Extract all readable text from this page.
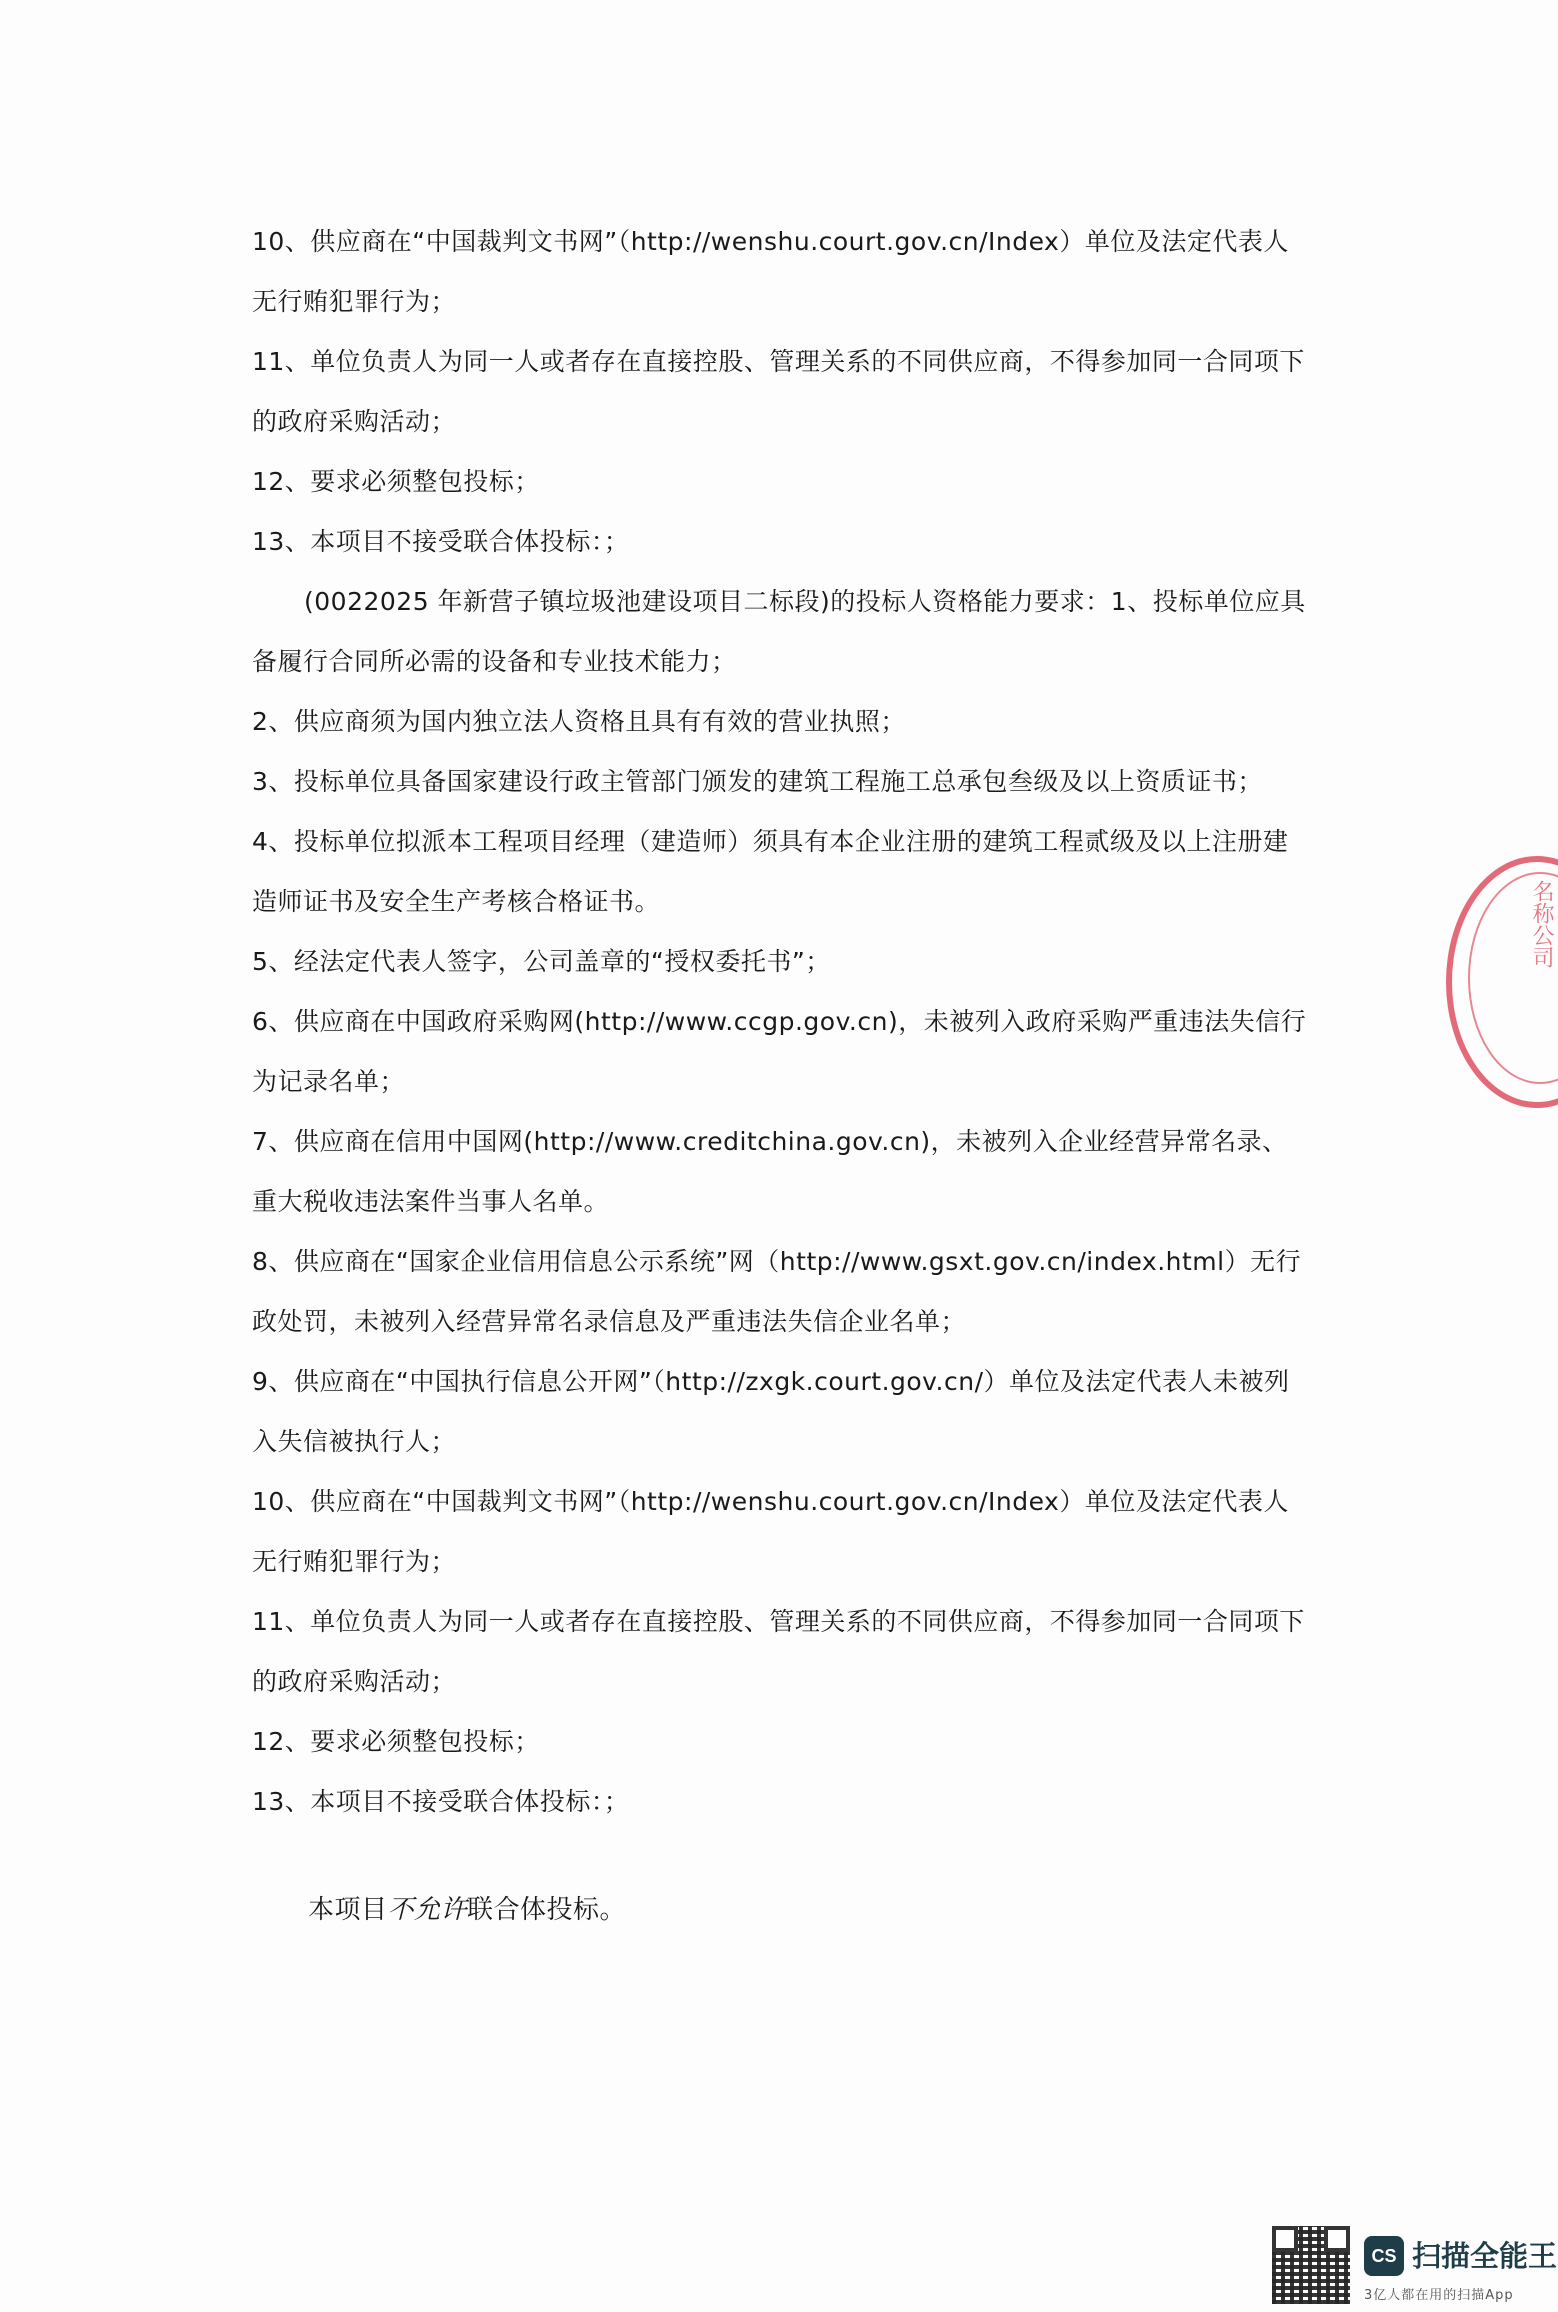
10、供应商在“中国裁判文书网”（http://wenshu.court.gov.cn/Index）单位及法定代表人无行贿犯罪行为；

11、单位负责人为同一人或者存在直接控股、管理关系的不同供应商，不得参加同一合同项下的政府采购活动；

12、要求必须整包投标；

13、本项目不接受联合体投标：；

(0022025 年新营子镇垃圾池建设项目二标段)的投标人资格能力要求：1、投标单位应具备履行合同所必需的设备和专业技术能力；

2、供应商须为国内独立法人资格且具有有效的营业执照；

3、投标单位具备国家建设行政主管部门颁发的建筑工程施工总承包叁级及以上资质证书；

4、投标单位拟派本工程项目经理（建造师）须具有本企业注册的建筑工程贰级及以上注册建造师证书及安全生产考核合格证书。

5、经法定代表人签字，公司盖章的“授权委托书”；

6、供应商在中国政府采购网(http://www.ccgp.gov.cn)，未被列入政府采购严重违法失信行为记录名单；

7、供应商在信用中国网(http://www.creditchina.gov.cn)，未被列入企业经营异常名录、重大税收违法案件当事人名单。

8、供应商在“国家企业信用信息公示系统”网（http://www.gsxt.gov.cn/index.html）无行政处罚，未被列入经营异常名录信息及严重违法失信企业名单；

9、供应商在“中国执行信息公开网”（http://zxgk.court.gov.cn/）单位及法定代表人未被列入失信被执行人；

10、供应商在“中国裁判文书网”（http://wenshu.court.gov.cn/Index）单位及法定代表人无行贿犯罪行为；

11、单位负责人为同一人或者存在直接控股、管理关系的不同供应商，不得参加同一合同项下的政府采购活动；

12、要求必须整包投标；

13、本项目不接受联合体投标：；

本项目不允许联合体投标。
名称公司
CS 扫描全能王
3亿人都在用的扫描App
